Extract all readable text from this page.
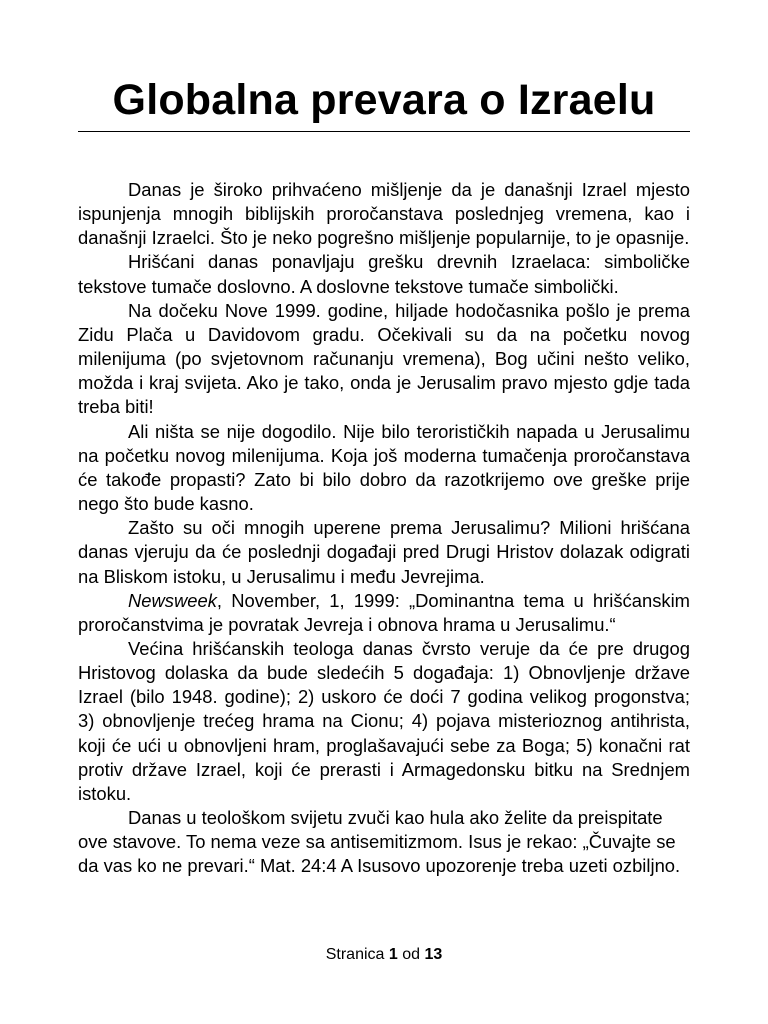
Globalna prevara o Izraelu

Danas je široko prihvaćeno mišljenje da je današnji Izrael mjesto ispunjenja mnogih biblijskih proročanstava poslednjeg vremena, kao i današnji Izraelci. Što je neko pogrešno mišljenje popularnije, to je opasnije.

Hrišćani danas ponavljaju grešku drevnih Izraelaca: simboličke tekstove tumače doslovno. A doslovne tekstove tumače simbolički.

Na dočeku Nove 1999. godine, hiljade hodočasnika pošlo je prema Zidu Plača u Davidovom gradu. Očekivali su da na početku novog milenijuma (po svjetovnom računanju vremena), Bog učini nešto veliko, možda i kraj svijeta. Ako je tako, onda je Jerusalim pravo mjesto gdje tada treba biti!

Ali ništa se nije dogodilo. Nije bilo terorističkih napada u Jerusalimu na početku novog milenijuma. Koja još moderna tumačenja proročanstava će takođe propasti? Zato bi bilo dobro da razotkrijemo ove greške prije nego što bude kasno.

Zašto su oči mnogih uperene prema Jerusalimu? Milioni hrišćana danas vjeruju da će poslednji događaji pred Drugi Hristov dolazak odigrati na Bliskom istoku, u Jerusalimu i među Jevrejima.

Newsweek, November, 1, 1999: „Dominantna tema u hrišćanskim proročanstvima je povratak Jevreja i obnova hrama u Jerusalimu.“

Većina hrišćanskih teologa danas čvrsto veruje da će pre drugog Hristovog dolaska da bude sledećih 5 događaja: 1) Obnovljenje države Izrael (bilo 1948. godine); 2) uskoro će doći 7 godina velikog progonstva; 3) obnovljenje trećeg hrama na Cionu; 4) pojava misterioznog antihrista, koji će ući u obnovljeni hram, proglašavajući sebe za Boga; 5) konačni rat protiv države Izrael, koji će prerasti i Armagedonsku bitku na Srednjem istoku.

Danas u teološkom svijetu zvuči kao hula ako želite da preispitate ove stavove. To nema veze sa antisemitizmom. Isus je rekao: „Čuvajte se da vas ko ne prevari.“ Mat. 24:4 A Isusovo upozorenje treba uzeti ozbiljno.

Stranica 1 od 13
